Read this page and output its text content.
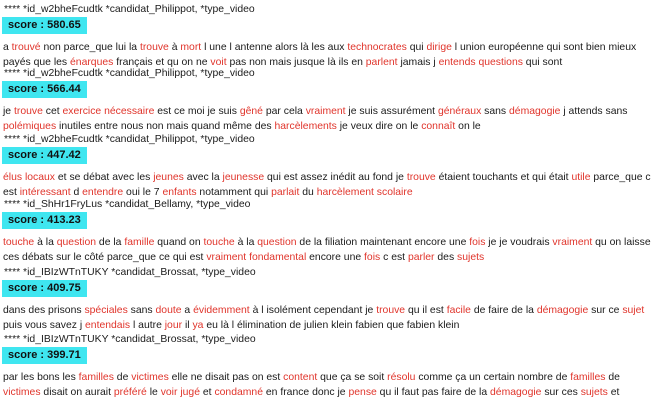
**** *id_w2bheFcudtk *candidat_Philippot, *type_video
score : 580.65

a trouvé non parce_que lui la trouve à mort l une l antenne alors là les aux technocrates qui dirige l union européenne qui sont bien mieux payés que les énarques français et qu on ne voit pas non mais jusque là ils en parlent jamais j entends questions qui sont

**** *id_w2bheFcudtk *candidat_Philippot, *type_video
score : 566.44

je trouve cet exercice nécessaire est ce moi je suis gêné par cela vraiment je suis assurément généraux sans démagogie j attends sans polémiques inutiles entre nous non mais quand même des harcèlements je veux dire on le connaît on le

**** *id_w2bheFcudtk *candidat_Philippot, *type_video
score : 447.42

élus locaux et se débat avec les jeunes avec la jeunesse qui est assez inédit au fond je trouve étaient touchants et qui était utile parce_que c est intéressant d entendre oui le 7 enfants notamment qui parlait du harcèlement scolaire

**** *id_ShHr1FryLus *candidat_Bellamy, *type_video
score : 413.23

touche à la question de la famille quand on touche à la question de la filiation maintenant encore une fois je je voudrais vraiment qu on laisse ces débats sur le côté parce_que ce qui est vraiment fondamental encore une fois c est parler des sujets

**** *id_IBIzWTnTUKY *candidat_Brossat, *type_video
score : 409.75

dans des prisons spéciales sans doute a évidemment à l isolément cependant je trouve qu il est facile de faire de la démagogie sur ce sujet puis vous savez j entendais l autre jour il ya eu là l élimination de julien klein fabien que fabien klein

**** *id_IBIzWTnTUKY *candidat_Brossat, *type_video
score : 399.71

par les bons les familles de victimes elle ne disait pas on est content que ça se soit résolu comme ça un certain nombre de familles de victimes disait on aurait préféré le voir jugé et condamné en france donc je pense qu il faut pas faire de la démagogie sur ces sujets et
